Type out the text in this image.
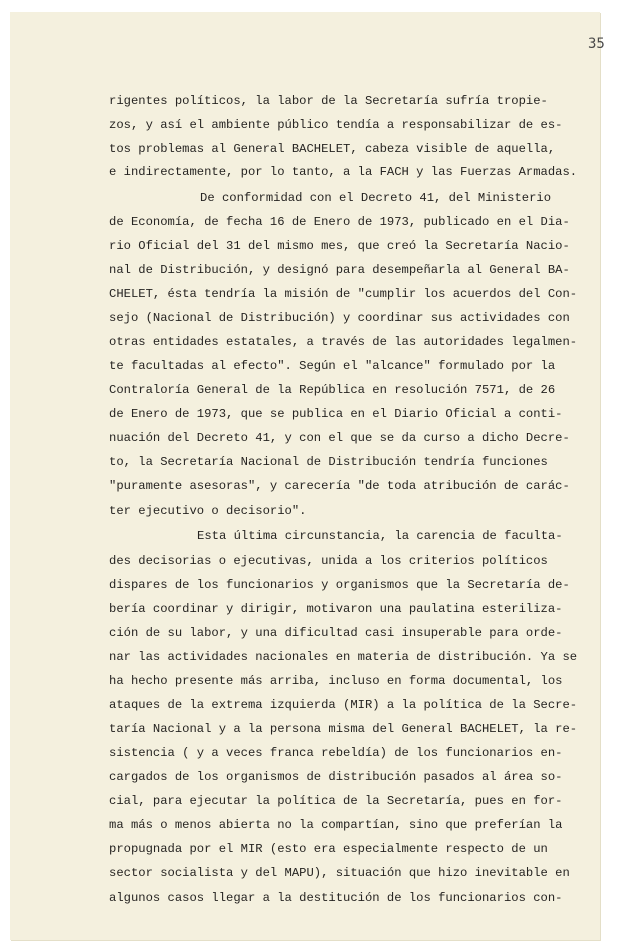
35
rigentes políticos, la labor de la Secretaría sufría tropie-
zos, y así el ambiente público tendía a responsabilizar de es-
tos problemas al General BACHELET, cabeza visible de aquella,
e indirectamente, por lo tanto, a la FACH y las Fuerzas Armadas.
De conformidad con el Decreto 41, del Ministerio
de Economía, de fecha 16 de Enero de 1973, publicado en el Dia-
rio Oficial del 31 del mismo mes, que creó la Secretaría Nacio-
nal de Distribución, y designó para desempeñarla al General BA-
CHELET, ésta tendría la misión de "cumplir los acuerdos del Con-
sejo (Nacional de Distribución) y coordinar sus actividades con
otras entidades estatales, a través de las autoridades legalmen-
te facultadas al efecto". Según el "alcance" formulado por la
Contraloría General de la República en resolución 7571, de 26
de Enero de 1973, que se publica en el Diario Oficial a conti-
nuación del Decreto 41, y con el que se da curso a dicho Decre-
to, la Secretaría Nacional de Distribución tendría funciones
"puramente asesoras", y carecería "de toda atribución de carác-
ter ejecutivo o decisorio".
Esta última circunstancia, la carencia de faculta-
des decisorias o ejecutivas, unida a los criterios políticos
dispares de los funcionarios y organismos que la Secretaría de-
bería coordinar y dirigir, motivaron una paulatina esteriliza-
ción de su labor, y una dificultad casi insuperable para orde-
nar las actividades nacionales en materia de distribución. Ya se
ha hecho presente más arriba, incluso en forma documental, los
ataques de la extrema izquierda (MIR) a la política de la Secre-
taría Nacional y a la persona misma del General BACHELET, la re-
sistencia ( y a veces franca rebeldía) de los funcionarios en-
cargados de los organismos de distribución pasados al área so-
cial, para ejecutar la política de la Secretaría, pues en for-
ma más o menos abierta no la compartían, sino que preferían la
propugnada por el MIR (esto era especialmente respecto de un
sector socialista y del MAPU), situación que hizo inevitable en
algunos casos llegar a la destitución de los funcionarios con-
